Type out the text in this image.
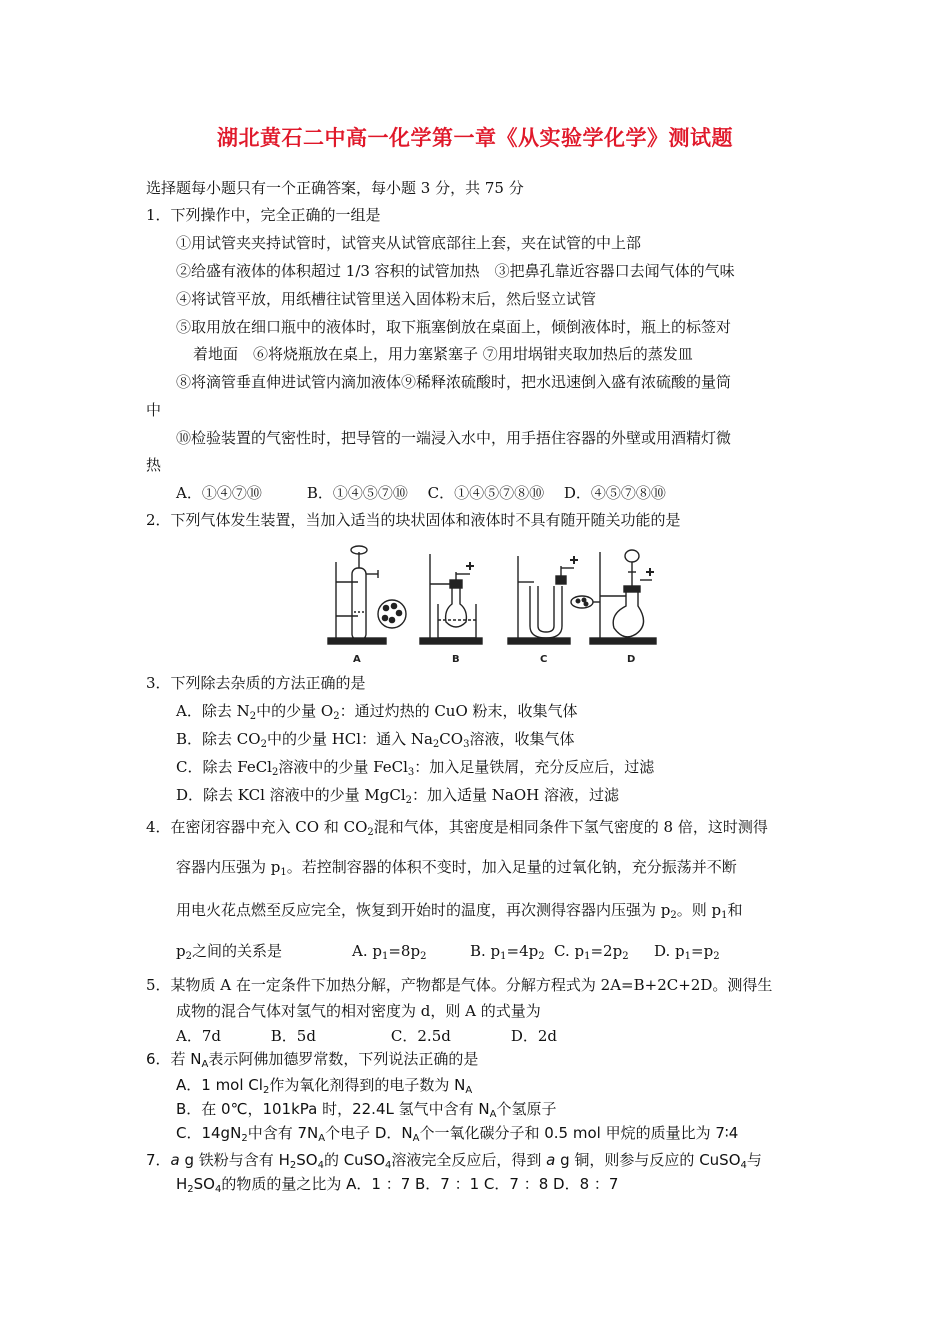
湖北黄石二中高一化学第一章《从实验学化学》测试题
选择题每小题只有一个正确答案，每小题 3 分，共 75 分
1．下列操作中，完全正确的一组是
①用试管夹夹持试管时，试管夹从试管底部往上套，夹在试管的中上部
②给盛有液体的体积超过 1/3 容积的试管加热　③把鼻孔靠近容器口去闻气体的气味
④将试管平放，用纸槽往试管里送入固体粉末后，然后竖立试管
⑤取用放在细口瓶中的液体时，取下瓶塞倒放在桌面上，倾倒液体时，瓶上的标签对
着地面　⑥将烧瓶放在桌上，用力塞紧塞子 ⑦用坩埚钳夹取加热后的蒸发皿
⑧将滴管垂直伸进试管内滴加液体⑨稀释浓硫酸时，把水迅速倒入盛有浓硫酸的量筒
中
⑩检验装置的气密性时，把导管的一端浸入水中，用手捂住容器的外壁或用酒精灯微
热
A．①④⑦⑩　　　B．①④⑤⑦⑩　 C．①④⑤⑦⑧⑩　 D．④⑤⑦⑧⑩
2．下列气体发生装置，当加入适当的块状固体和液体时不具有随开随关功能的是
A	B	C	D
3．下列除去杂质的方法正确的是
A．除去 $N_2$中的少量 $O_2$：通过灼热的 CuO 粉末，收集气体
B．除去 $CO_2$中的少量 HCl：通入 $Na_2CO_3$溶液，收集气体
C．除去 FeCl$_2$溶液中的少量 FeCl$_3$：加入足量铁屑，充分反应后，过滤
D．除去 KCl 溶液中的少量 MgCl$_2$：加入适量 NaOH 溶液，过滤
4．在密闭容器中充入 CO 和 $CO_2$混和气体，其密度是相同条件下氢气密度的 8 倍，这时测得
容器内压强为 $p_1$。若控制容器的体积不变时，加入足量的过氧化钠，充分振荡并不断
用电火花点燃至反应完全，恢复到开始时的温度，再次测得容器内压强为 $p_2$。则 $p_1$和
$p_2$之间的关系是	A. $p_1=8p_2$	B. $p_1=4p_2$ C. $p_1=2p_2$ D. $p_1=p_2$
5．某物质 A 在一定条件下加热分解，产物都是气体。分解方程式为 2A=B+2C+2D。测得生
成物的混合气体对氢气的相对密度为 d，则 A 的式量为
A．7d　　　 B．5d　　　　　C．2.5d　　　　D．2d
6．若 $N_A$表示阿佛加德罗常数，下列说法正确的是
A．1 mol $Cl_2$作为氧化剂得到的电子数为 $N_A$
B．在 0℃，101kPa 时，22.4L 氢气中含有 $N_A$个氢原子
C．$14gN_2$中含有 $7N_A$个电子 D．$N_A$个一氧化碳分子和 0.5 mol 甲烷的质量比为 7∶4
7．a g 铁粉与含有 $H_2SO_4$的 CuSO$_4$溶液完全反应后，得到 a g 铜，则参与反应的 CuSO$_4$与
$H_2SO_4$的物质的量之比为 A．1 ：7 B．7 ：1 C．7 ：8 D．8 ：7
